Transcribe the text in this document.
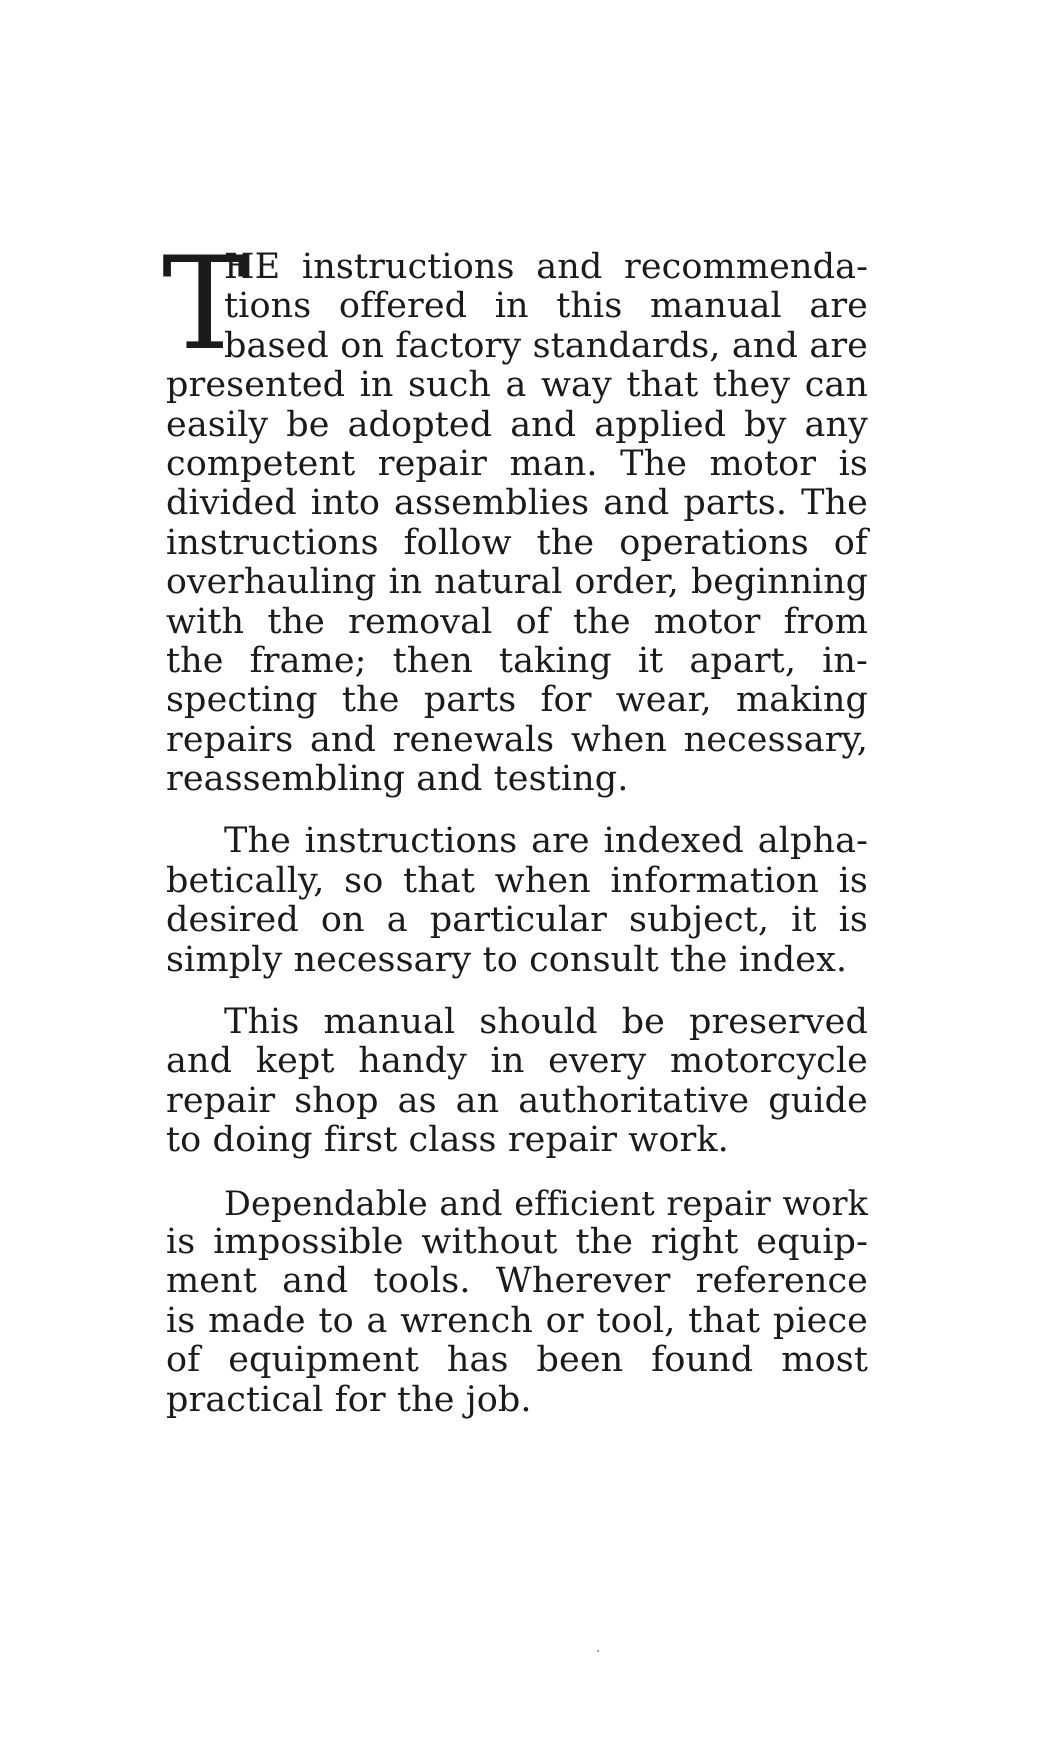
T
HE instructions and recommenda-
tions offered in this manual are
based on factory standards, and are
presented in such a way that they can
easily be adopted and applied by any
competent repair man. The motor is
divided into assemblies and parts. The
instructions follow the operations of
overhauling in natural order, beginning
with the removal of the motor from
the frame; then taking it apart, in-
specting the parts for wear, making
repairs and renewals when necessary,
reassembling and testing.
The instructions are indexed alpha-
betically, so that when information is
desired on a particular subject, it is
simply necessary to consult the index.
This manual should be preserved
and kept handy in every motorcycle
repair shop as an authoritative guide
to doing first class repair work.
Dependable and efficient repair work
is impossible without the right equip-
ment and tools. Wherever reference
is made to a wrench or tool, that piece
of equipment has been found most
practical for the job.
